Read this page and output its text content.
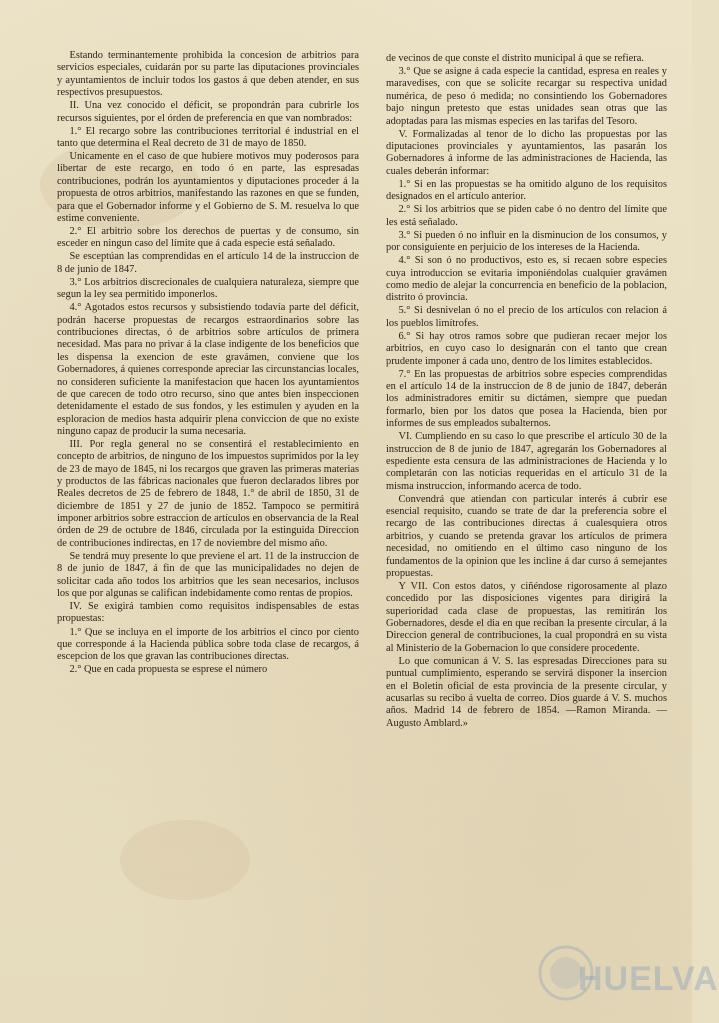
Estando terminantemente prohibida la concesion de arbitrios para servicios especiales, cuidarán por su parte las diputaciones provinciales y ayuntamientos de incluir todos los gastos á que deben atender, en sus respectivos presupuestos.

II. Una vez conocido el déficit, se propondrán para cubrirle los recursos siguientes, por el órden de preferencia en que van nombrados:

1.° El recargo sobre las contribuciones territorial é industrial en el tanto que determina el Real decreto de 31 de mayo de 1850.

Unicamente en el caso de que hubiere motivos muy poderosos para libertar de este recargo, en todo ó en parte, las espresadas contribuciones, podrán los ayuntamientos y diputaciones proceder á la propuesta de otros arbitrios, manifestando las razones en que se funden, para que el Gobernador informe y el Gobierno de S. M. resuelva lo que estime conveniente.

2.° El arbitrio sobre los derechos de puertas y de consumo, sin esceder en ningun caso del límite que á cada especie está señalado.

Se esceptúan las comprendidas en el artículo 14 de la instruccion de 8 de junio de 1847.

3.° Los arbitrios discrecionales de cualquiera naturaleza, siempre que segun la ley sea permitido imponerlos.

4.° Agotados estos recursos y subsistiendo todavía parte del déficit, podrán hacerse propuestas de recargos estraordinarios sobre las contribuciones directas, ó de arbitrios sobre artículos de primera necesidad. Mas para no privar á la clase indigente de los beneficios que les dispensa la exencion de este gravámen, conviene que los Gobernadores, á quienes corresponde apreciar las circunstancias locales, no consideren suficiente la manifestacion que hacen los ayuntamientos de que carecen de todo otro recurso, sino que antes bien inspeccionen detenidamente el estado de sus fondos, y les estimulen y ayuden en la esploracion de medios hasta adquirir plena conviccion de que no existe ninguno capaz de producir la suma necesaria.

III. Por regla general no se consentirá el restablecimiento en concepto de arbitrios, de ninguno de los impuestos suprimidos por la ley de 23 de mayo de 1845, ni los recargos que graven las primeras materias y productos de las fábricas nacionales que fueron declarados libres por Reales decretos de 25 de febrero de 1848, 1.° de abril de 1850, 31 de diciembre de 1851 y 27 de junio de 1852. Tampoco se permitirá imponer arbitrios sobre estraccion de artículos en observancia de la Real órden de 29 de octubre de 1846, circulada por la estinguida Direccion de contribuciones indirectas, en 17 de noviembre del mismo año.

Se tendrá muy presente lo que previene el art. 11 de la instruccion de 8 de junio de 1847, á fin de que las municipalidades no dejen de solicitar cada año todos los arbitrios que les sean necesarios, inclusos los que por algunas se califican indebidamente como rentas de propios.

IV. Se exigirá tambien como requisitos indispensables de estas propuestas:

1.° Que se incluya en el importe de los arbitrios el cinco por ciento que corresponde á la Hacienda pública sobre toda clase de recargos, á escepcion de los que gravan las contribuciones directas.

2.° Que en cada propuesta se esprese el número

de vecinos de que conste el distrito municipal á que se refiera.

3.° Que se asigne á cada especie la cantidad, espresa en reales y maravedises, con que se solicite recargar su respectiva unidad numérica, de peso ó medida; no consintiendo los Gobernadores bajo ningun pretesto que estas unidades sean otras que las adoptadas para las mismas especies en las tarifas del Tesoro.

V. Formalizadas al tenor de lo dicho las propuestas por las diputaciones provinciales y ayuntamientos, las pasarán los Gobernadores á informe de las administraciones de Hacienda, las cuales deberán informar:

1.° Si en las propuestas se ha omitido alguno de los requisitos designados en el artículo anterior.

2.° Si los arbitrios que se piden cabe ó no dentro del límite que les está señalado.

3.° Si pueden ó no influir en la disminucion de los consumos, y por consiguiente en perjuicio de los intereses de la Hacienda.

4.° Si son ó no productivos, esto es, si recaen sobre especies cuya introduccion se evitaria imponiéndolas cualquier gravámen como medio de alejar la concurrencia en beneficio de la poblacion, distrito ó provincia.

5.° Si desnivelan ó no el precio de los artículos con relacion á los pueblos limítrofes.

6.° Si hay otros ramos sobre que pudieran recaer mejor los arbitrios, en cuyo caso lo designarán con el tanto que crean prudente imponer á cada uno, dentro de los límites establecidos.

7.° En las propuestas de arbitrios sobre especies comprendidas en el artículo 14 de la instruccion de 8 de junio de 1847, deberán los administradores emitir su dictámen, siempre que puedan formarlo, bien por los datos que posea la Hacienda, bien por informes de sus empleados subalternos.

VI. Cumpliendo en su caso lo que prescribe el artículo 30 de la instruccion de 8 de junio de 1847, agregarán los Gobernadores al espediente esta censura de las administraciones de Hacienda y lo completarán con las noticias requeridas en el artículo 31 de la misma instruccion, informando acerca de todo.

Convendrá que atiendan con particular interés á cubrir ese esencial requisito, cuando se trate de dar la preferencia sobre el recargo de las contribuciones directas á cualesquiera otros arbitrios, y cuando se pretenda gravar los artículos de primera necesidad, no omitiendo en el último caso ninguno de los fundamentos de la opinion que les incline á dar curso á semejantes propuestas.

Y VII. Con estos datos, y ciñéndose rigorosamente al plazo concedido por las disposiciones vigentes para dirigirá la superioridad cada clase de propuestas, las remitirán los Gobernadores, desde el dia en que reciban la presente circular, á la Direccion general de contribuciones, la cual propondrá en su vista al Ministerio de la Gobernacion lo que considere procedente.

Lo que comunican á V. S. las espresadas Direcciones para su puntual cumplimiento, esperando se servirá disponer la insercion en el Boletin oficial de esta provincia de la presente circular, y acusarlas su recibo á vuelta de correo. Dios guarde á V. S. muchos años. Madrid 14 de febrero de 1854. —Ramon Miranda. —Augusto Amblard.»

HUELVA
